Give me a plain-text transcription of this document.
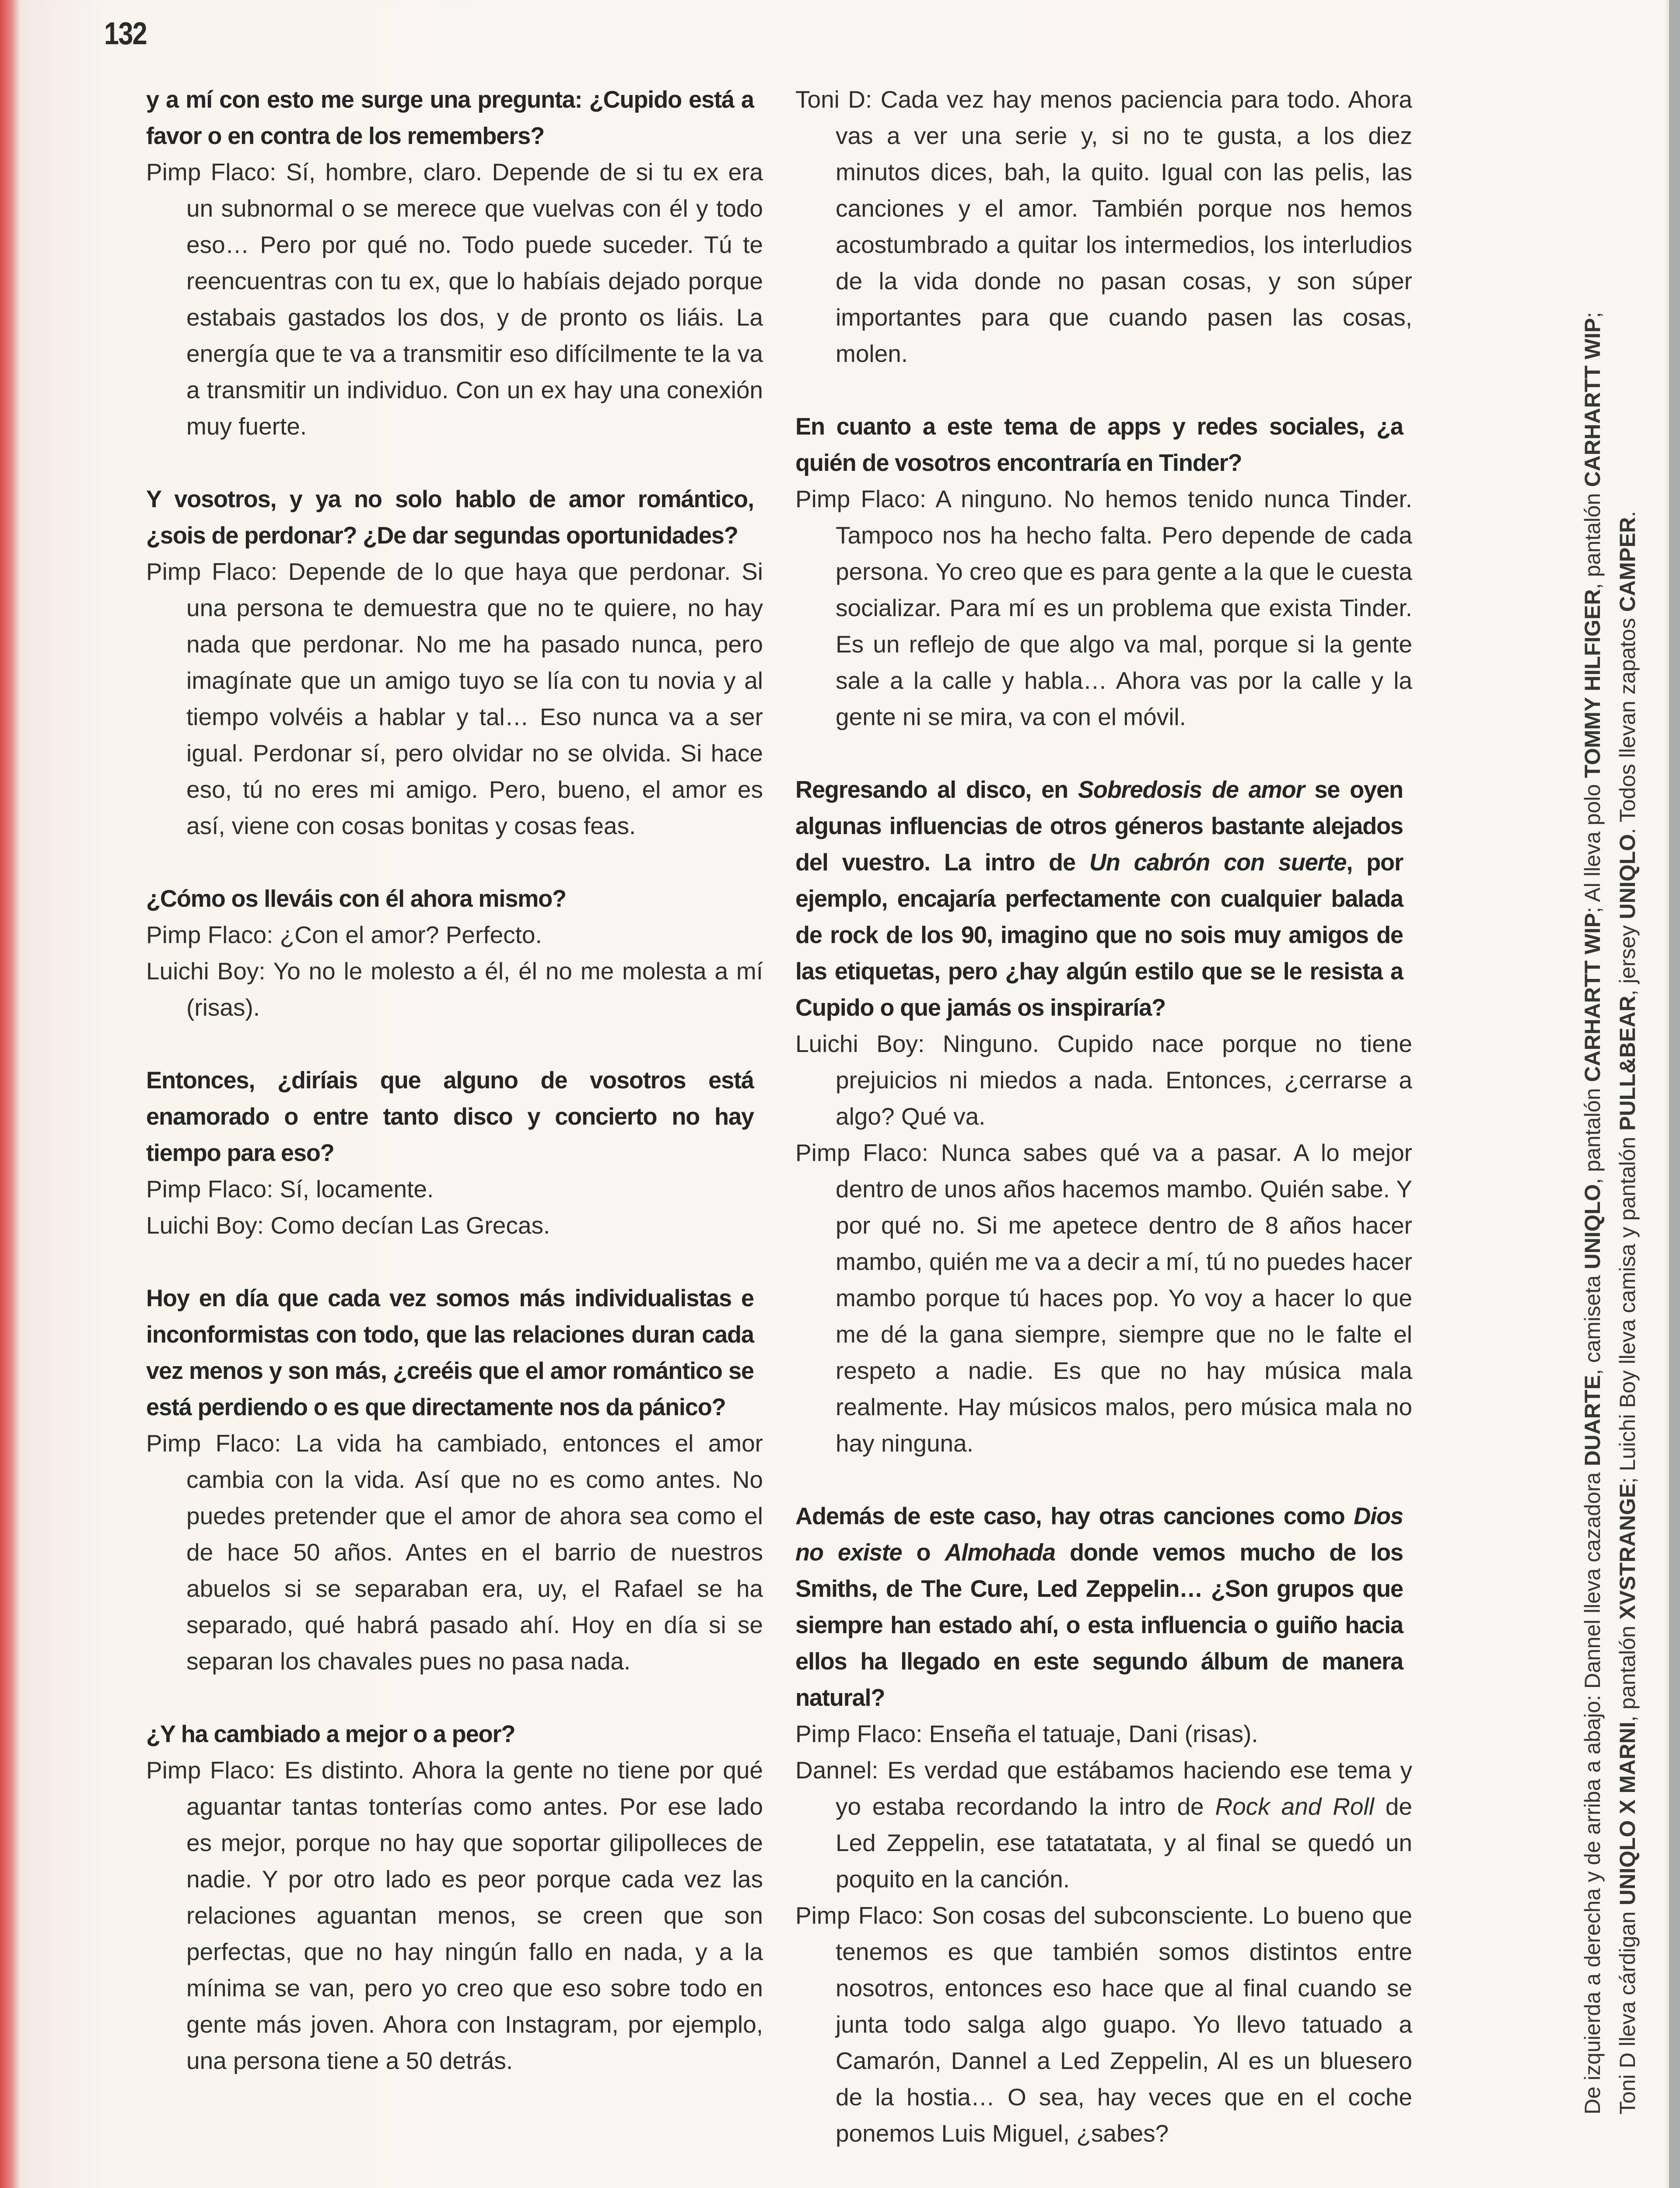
132
y a mí con esto me surge una pregunta: ¿Cupido está a favor o en contra de los remembers?
Pimp Flaco: Sí, hombre, claro. Depende de si tu ex era un subnormal o se merece que vuelvas con él y todo eso… Pero por qué no. Todo puede suceder. Tú te reencuentras con tu ex, que lo habíais dejado porque estabais gastados los dos, y de pronto os liáis. La energía que te va a transmitir eso difícilmente te la va a transmitir un individuo. Con un ex hay una conexión muy fuerte.
Y vosotros, y ya no solo hablo de amor romántico, ¿sois de perdonar? ¿De dar segundas oportunidades?
Pimp Flaco: Depende de lo que haya que perdonar. Si una persona te demuestra que no te quiere, no hay nada que perdonar. No me ha pasado nunca, pero imagínate que un amigo tuyo se lía con tu novia y al tiempo volvéis a hablar y tal… Eso nunca va a ser igual. Perdonar sí, pero olvidar no se olvida. Si hace eso, tú no eres mi amigo. Pero, bueno, el amor es así, viene con cosas bonitas y cosas feas.
¿Cómo os lleváis con él ahora mismo?
Pimp Flaco: ¿Con el amor? Perfecto.
Luichi Boy: Yo no le molesto a él, él no me molesta a mí (risas).
Entonces, ¿diríais que alguno de vosotros está enamorado o entre tanto disco y concierto no hay tiempo para eso?
Pimp Flaco: Sí, locamente.
Luichi Boy: Como decían Las Grecas.
Hoy en día que cada vez somos más individualistas e inconformistas con todo, que las relaciones duran cada vez menos y son más, ¿creéis que el amor romántico se está perdiendo o es que directamente nos da pánico?
Pimp Flaco: La vida ha cambiado, entonces el amor cambia con la vida. Así que no es como antes. No puedes pretender que el amor de ahora sea como el de hace 50 años. Antes en el barrio de nuestros abuelos si se separaban era, uy, el Rafael se ha separado, qué habrá pasado ahí. Hoy en día si se separan los chavales pues no pasa nada.
¿Y ha cambiado a mejor o a peor?
Pimp Flaco: Es distinto. Ahora la gente no tiene por qué aguantar tantas tonterías como antes. Por ese lado es mejor, porque no hay que soportar gilipolleces de nadie. Y por otro lado es peor porque cada vez las relaciones aguantan menos, se creen que son perfectas, que no hay ningún fallo en nada, y a la mínima se van, pero yo creo que eso sobre todo en gente más joven. Ahora con Instagram, por ejemplo, una persona tiene a 50 detrás.
Toni D: Cada vez hay menos paciencia para todo. Ahora vas a ver una serie y, si no te gusta, a los diez minutos dices, bah, la quito. Igual con las pelis, las canciones y el amor. También porque nos hemos acostumbrado a quitar los intermedios, los interludios de la vida donde no pasan cosas, y son súper importantes para que cuando pasen las cosas, molen.
En cuanto a este tema de apps y redes sociales, ¿a quién de vosotros encontraría en Tinder?
Pimp Flaco: A ninguno. No hemos tenido nunca Tinder. Tampoco nos ha hecho falta. Pero depende de cada persona. Yo creo que es para gente a la que le cuesta socializar. Para mí es un problema que exista Tinder. Es un reflejo de que algo va mal, porque si la gente sale a la calle y habla… Ahora vas por la calle y la gente ni se mira, va con el móvil.
Regresando al disco, en Sobredosis de amor se oyen algunas influencias de otros géneros bastante alejados del vuestro. La intro de Un cabrón con suerte, por ejemplo, encajaría perfectamente con cualquier balada de rock de los 90, imagino que no sois muy amigos de las etiquetas, pero ¿hay algún estilo que se le resista a Cupido o que jamás os inspiraría?
Luichi Boy: Ninguno. Cupido nace porque no tiene prejuicios ni miedos a nada. Entonces, ¿cerrarse a algo? Qué va.
Pimp Flaco: Nunca sabes qué va a pasar. A lo mejor dentro de unos años hacemos mambo. Quién sabe. Y por qué no. Si me apetece dentro de 8 años hacer mambo, quién me va a decir a mí, tú no puedes hacer mambo porque tú haces pop. Yo voy a hacer lo que me dé la gana siempre, siempre que no le falte el respeto a nadie. Es que no hay música mala realmente. Hay músicos malos, pero música mala no hay ninguna.
Además de este caso, hay otras canciones como Dios no existe o Almohada donde vemos mucho de los Smiths, de The Cure, Led Zeppelin… ¿Son grupos que siempre han estado ahí, o esta influencia o guiño hacia ellos ha llegado en este segundo álbum de manera natural?
Pimp Flaco: Enseña el tatuaje, Dani (risas).
Dannel: Es verdad que estábamos haciendo ese tema y yo estaba recordando la intro de Rock and Roll de Led Zeppelin, ese tatatatata, y al final se quedó un poquito en la canción.
Pimp Flaco: Son cosas del subconsciente. Lo bueno que tenemos es que también somos distintos entre nosotros, entonces eso hace que al final cuando se junta todo salga algo guapo. Yo llevo tatuado a Camarón, Dannel a Led Zeppelin, Al es un bluesero de la hostia… O sea, hay veces que en el coche ponemos Luis Miguel, ¿sabes?
De izquierda a derecha y de arriba a abajo: Dannel lleva cazadora DUARTE, camiseta UNIQLO, pantalón CARHARTT WIP; Al lleva polo TOMMY HILFIGER, pantalón CARHARTT WIP;
Toni D lleva cárdigan UNIQLO X MARNI, pantalón XVSTRANGE; Luichi Boy lleva camisa y pantalón PULL&BEAR, jersey UNIQLO. Todos llevan zapatos CAMPER.
